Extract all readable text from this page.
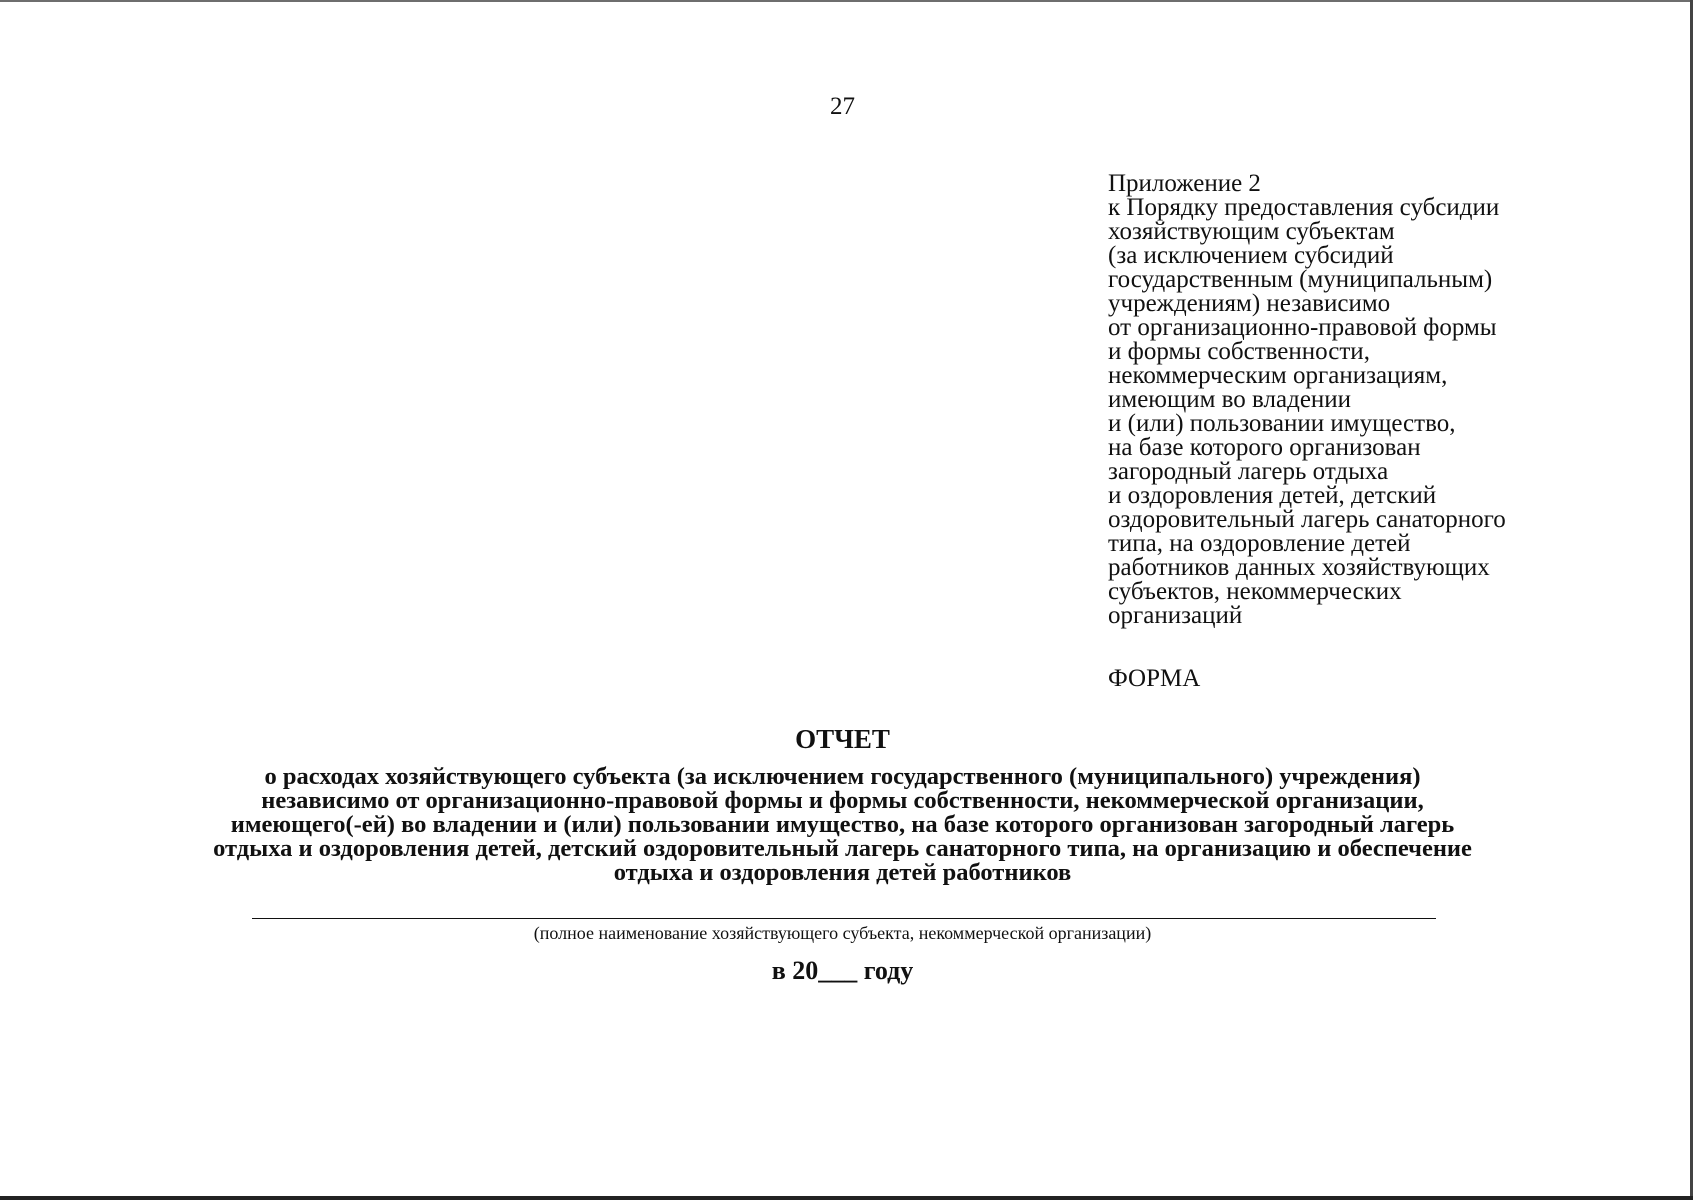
27
Приложение 2
к Порядку предоставления субсидии
хозяйствующим субъектам
(за исключением субсидий
государственным (муниципальным)
учреждениям) независимо
от организационно-правовой формы
и формы собственности,
некоммерческим организациям,
имеющим во владении
и (или) пользовании имущество,
на базе которого организован
загородный лагерь отдыха
и оздоровления детей, детский
оздоровительный лагерь санаторного
типа, на оздоровление детей
работников данных хозяйствующих
субъектов, некоммерческих
организаций
ФОРМА
ОТЧЕТ
о расходах хозяйствующего субъекта (за исключением государственного (муниципального) учреждения)
независимо от организационно-правовой формы и формы собственности, некоммерческой организации,
имеющего(-ей) во владении и (или) пользовании имущество, на базе которого организован загородный лагерь
отдыха и оздоровления детей, детский оздоровительный лагерь санаторного типа, на организацию и обеспечение
отдыха и оздоровления детей работников
(полное наименование хозяйствующего субъекта, некоммерческой организации)
в 20___ году
